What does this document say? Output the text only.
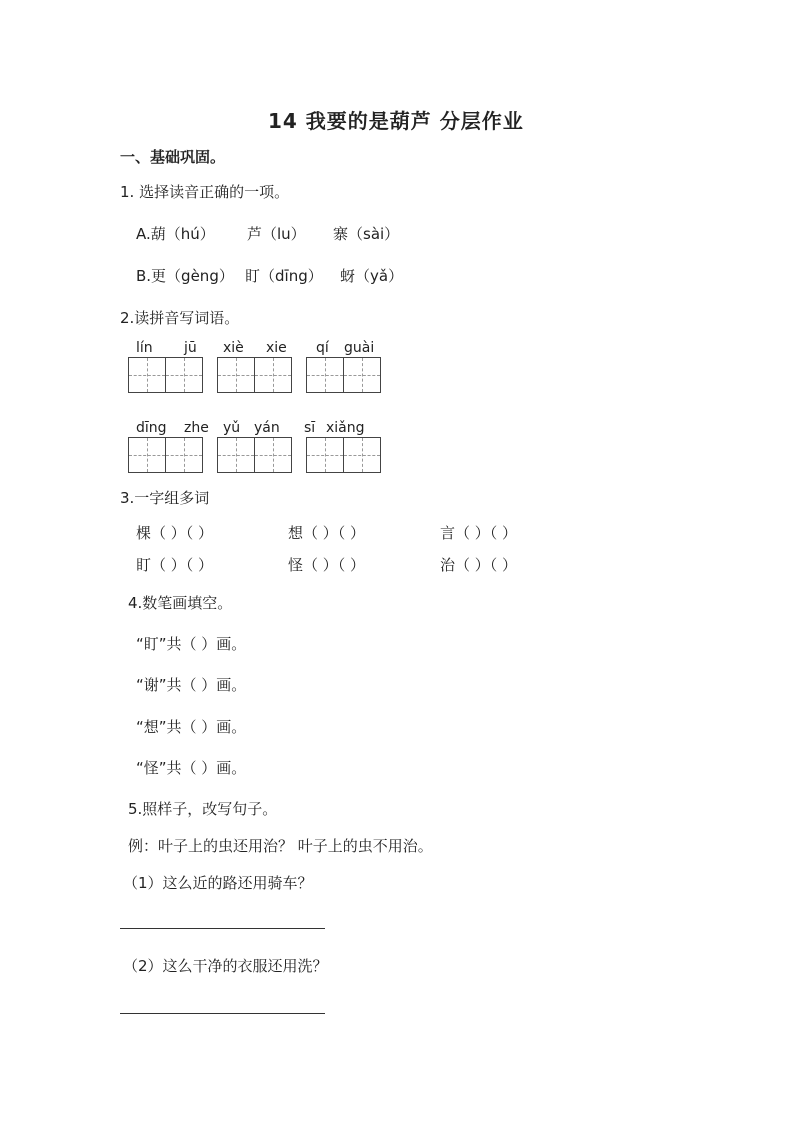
14 我要的是葫芦 分层作业
一、基础巩固。
1. 选择读音正确的一项。
A.葫（hú） 芦（lu） 寨（sài）
B.更（gèng） 盯（dīng） 蚜（yǎ）
2.读拼音写词语。
lín jū xiè xie qí guài
dīng zhe yǔ yán sī xiǎng
3.一字组多词
棵（ ）（ ）	想（ ）（ ）	言（ ）（ ）
盯（ ）（ ）	怪（ ）（ ）	治（ ）（ ）
4.数笔画填空。
“盯”共（ ）画。
“谢”共（ ）画。
“想”共（ ）画。
“怪”共（ ）画。
5.照样子，改写句子。
例：叶子上的虫还用治？ 叶子上的虫不用治。
（1）这么近的路还用骑车？
（2）这么干净的衣服还用洗？
